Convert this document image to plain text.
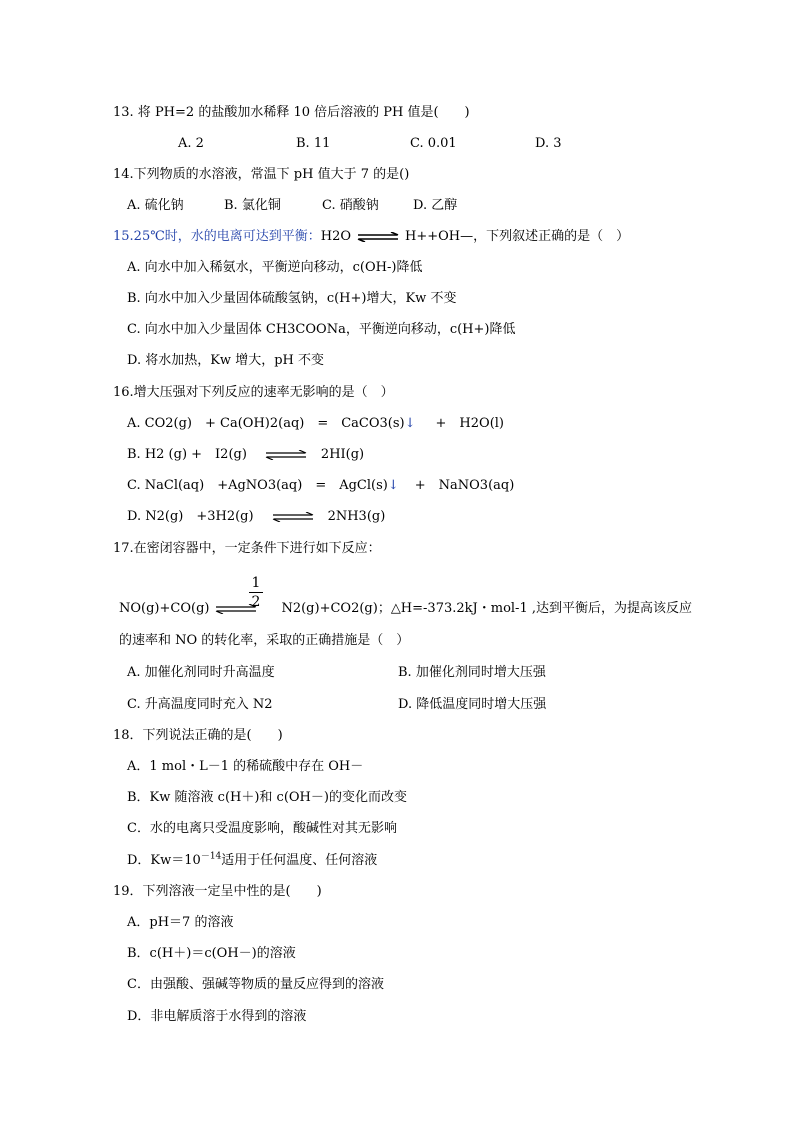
13. 将 PH=2 的盐酸加水稀释 10 倍后溶液的 PH 值是(　　)
A. 2	B. 11	C. 0.01	D. 3
14.下列物质的水溶液，常温下 pH 值大于 7 的是()
A. 硫化钠	B. 氯化铜	C. 硝酸钠	D. 乙醇
15.25℃时，水的电离可达到平衡：H2O ⇌ H++OH—，下列叙述正确的是（　）
A. 向水中加入稀氨水，平衡逆向移动，c(OH-)降低
B. 向水中加入少量固体硫酸氢钠，c(H+)增大，Kw 不变
C. 向水中加入少量固体 CH3COONa，平衡逆向移动，c(H+)降低
D. 将水加热，Kw 增大，pH 不变
16.增大压强对下列反应的速率无影响的是（　）
A. CO2(g)　+ Ca(OH)2(aq)　=　CaCO3(s)↓ +　H2O(l)
B. H2 (g) +　I2(g) ⇌ 2HI(g)
C. NaCl(aq)　+AgNO3(aq)　=　AgCl(s)↓ +　NaNO3(aq)
D. N2(g)　+3H2(g) ⇌ 2NH3(g)
17.在密闭容器中，一定条件下进行如下反应：
1
2
NO(g)+CO(g) ⇌ N2(g)+CO2(g)；△H=-373.2kJ・mol-1 ,达到平衡后，为提高该反应
的速率和 NO 的转化率，采取的正确措施是（　）
A. 加催化剂同时升高温度	B. 加催化剂同时增大压强
C. 升高温度同时充入 N2	D. 降低温度同时增大压强
18．下列说法正确的是(　　)
A．1 mol・L－1 的稀硫酸中存在 OH－
B．Kw 随溶液 c(H＋)和 c(OH－)的变化而改变
C．水的电离只受温度影响，酸碱性对其无影响
D．$Kw=10^{-14}$适用于任何温度、任何溶液
19．下列溶液一定呈中性的是(　　)
A．pH＝7 的溶液
B．c(H＋)＝c(OH－)的溶液
C．由强酸、强碱等物质的量反应得到的溶液
D．非电解质溶于水得到的溶液
